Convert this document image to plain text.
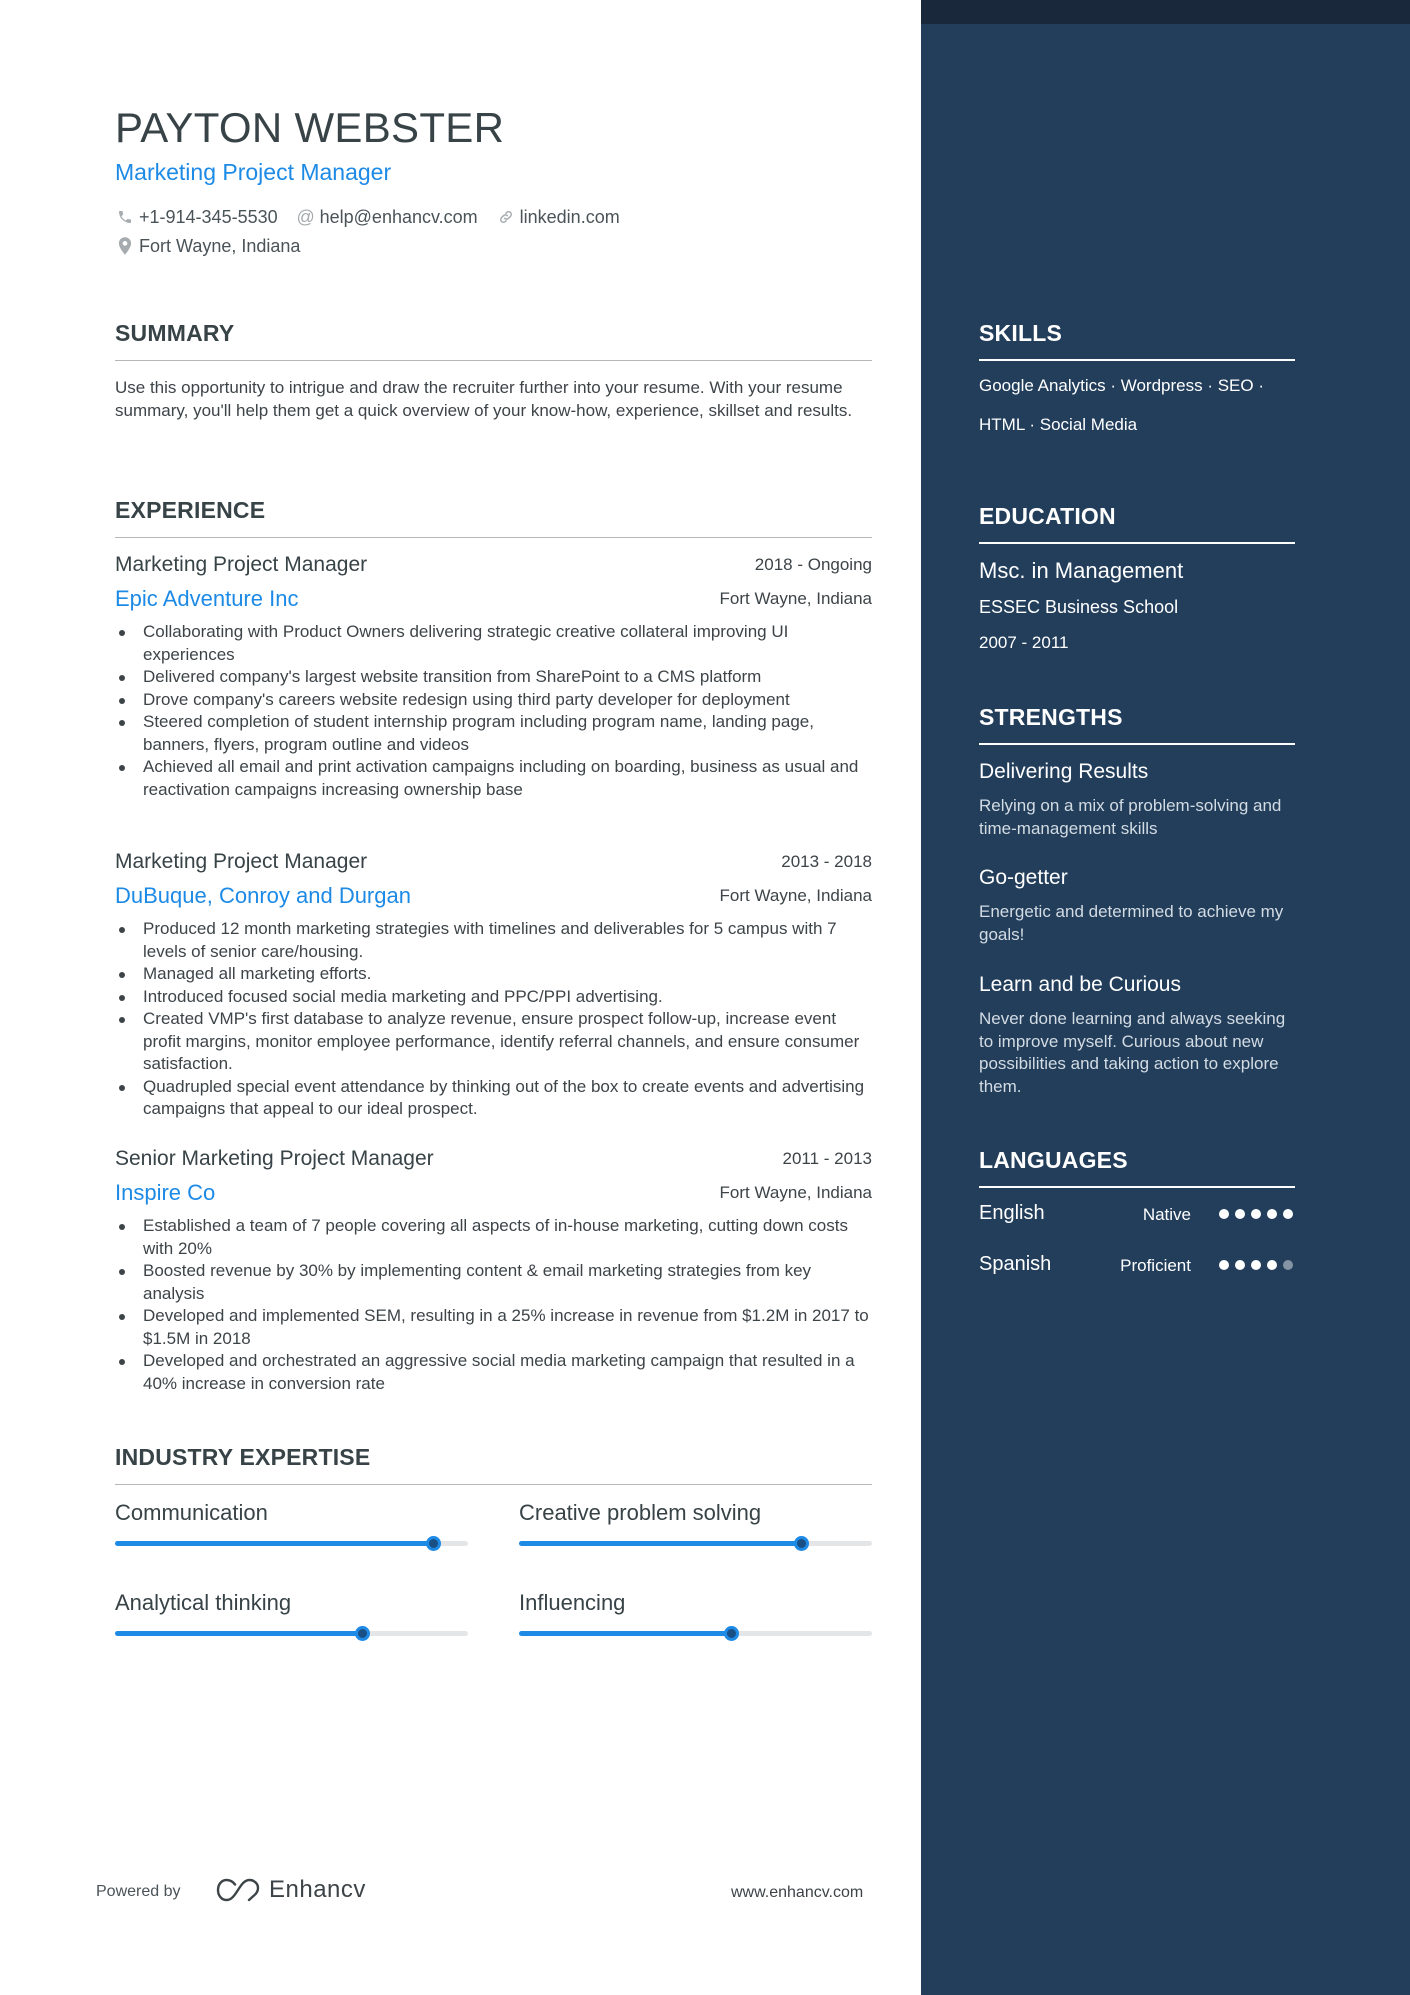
PAYTON WEBSTER
Marketing Project Manager
+1-914-345-5530 @ help@enhancv.com linkedin.com
Fort Wayne, Indiana
SUMMARY

Use this opportunity to intrigue and draw the recruiter further into your resume. With your resume summary, you'll help them get a quick overview of your know-how, experience, skillset and results.

EXPERIENCE
Marketing Project Manager	2018 - Ongoing
Epic Adventure Inc	Fort Wayne, Indiana
Collaborating with Product Owners delivering strategic creative collateral improving UI experiences
Delivered company's largest website transition from SharePoint to a CMS platform
Drove company's careers website redesign using third party developer for deployment
Steered completion of student internship program including program name, landing page, banners, flyers, program outline and videos
Achieved all email and print activation campaigns including on boarding, business as usual and reactivation campaigns increasing ownership base
Marketing Project Manager	2013 - 2018
DuBuque, Conroy and Durgan	Fort Wayne, Indiana
Produced 12 month marketing strategies with timelines and deliverables for 5 campus with 7 levels of senior care/housing.
Managed all marketing efforts.
Introduced focused social media marketing and PPC/PPI advertising.
Created VMP's first database to analyze revenue, ensure prospect follow-up, increase event profit margins, monitor employee performance, identify referral channels, and ensure consumer satisfaction.
Quadrupled special event attendance by thinking out of the box to create events and advertising campaigns that appeal to our ideal prospect.
Senior Marketing Project Manager	2011 - 2013
Inspire Co	Fort Wayne, Indiana
Established a team of 7 people covering all aspects of in-house marketing, cutting down costs with 20%
Boosted revenue by 30% by implementing content & email marketing strategies from key analysis
Developed and implemented SEM, resulting in a 25% increase in revenue from $1.2M in 2017 to $1.5M in 2018
Developed and orchestrated an aggressive social media marketing campaign that resulted in a 40% increase in conversion rate
INDUSTRY EXPERTISE
Communication	Creative problem solving
Analytical thinking	Influencing
Powered by	Enhancv	www.enhancv.com
SKILLS
Google Analytics · Wordpress · SEO ·
HTML · Social Media
EDUCATION
Msc. in Management
ESSEC Business School
2007 - 2011
STRENGTHS
Delivering Results
Relying on a mix of problem-solving and time-management skills
Go-getter
Energetic and determined to achieve my goals!
Learn and be Curious
Never done learning and always seeking to improve myself. Curious about new possibilities and taking action to explore them.
LANGUAGES
English	Native
Spanish	Proficient
